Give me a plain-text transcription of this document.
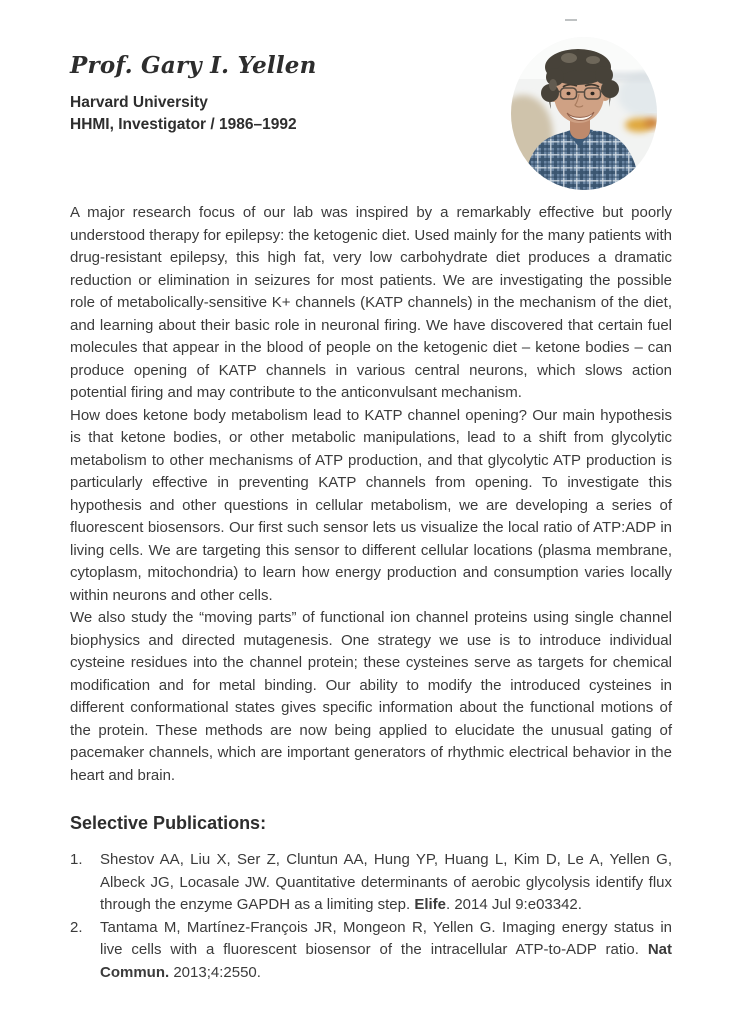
Prof. Gary I. Yellen
Harvard University
HHMI, Investigator / 1986–1992

A major research focus of our lab was inspired by a remarkably effective but poorly understood therapy for epilepsy: the ketogenic diet. Used mainly for the many patients with drug-resistant epilepsy, this high fat, very low carbohydrate diet produces a dramatic reduction or elimination in seizures for most patients. We are investigating the possible role of metabolically-sensitive K+ channels (KATP channels) in the mechanism of the diet, and learning about their basic role in neuronal firing. We have discovered that certain fuel molecules that appear in the blood of people on the ketogenic diet – ketone bodies – can produce opening of KATP channels in various central neurons, which slows action potential firing and may contribute to the anticonvulsant mechanism.

How does ketone body metabolism lead to KATP channel opening? Our main hypothesis is that ketone bodies, or other metabolic manipulations, lead to a shift from glycolytic metabolism to other mechanisms of ATP production, and that glycolytic ATP production is particularly effective in preventing KATP channels from opening. To investigate this hypothesis and other questions in cellular metabolism, we are developing a series of fluorescent biosensors. Our first such sensor lets us visualize the local ratio of ATP:ADP in living cells. We are targeting this sensor to different cellular locations (plasma membrane, cytoplasm, mitochondria) to learn how energy production and consumption varies locally within neurons and other cells.

We also study the “moving parts” of functional ion channel proteins using single channel biophysics and directed mutagenesis. One strategy we use is to introduce individual cysteine residues into the channel protein; these cysteines serve as targets for chemical modification and for metal binding. Our ability to modify the introduced cysteines in different conformational states gives specific information about the functional motions of the protein. These methods are now being applied to elucidate the unusual gating of pacemaker channels, which are important generators of rhythmic electrical behavior in the heart and brain.

Selective Publications:
1.	Shestov AA, Liu X, Ser Z, Cluntun AA, Hung YP, Huang L, Kim D, Le A, Yellen G, Albeck JG, Locasale JW. Quantitative determinants of aerobic glycolysis identify flux through the enzyme GAPDH as a limiting step. Elife. 2014 Jul 9:e03342.
2.	Tantama M, Martínez-François JR, Mongeon R, Yellen G. Imaging energy status in live cells with a fluorescent biosensor of the intracellular ATP-to-ADP ratio. Nat Commun. 2013;4:2550.
